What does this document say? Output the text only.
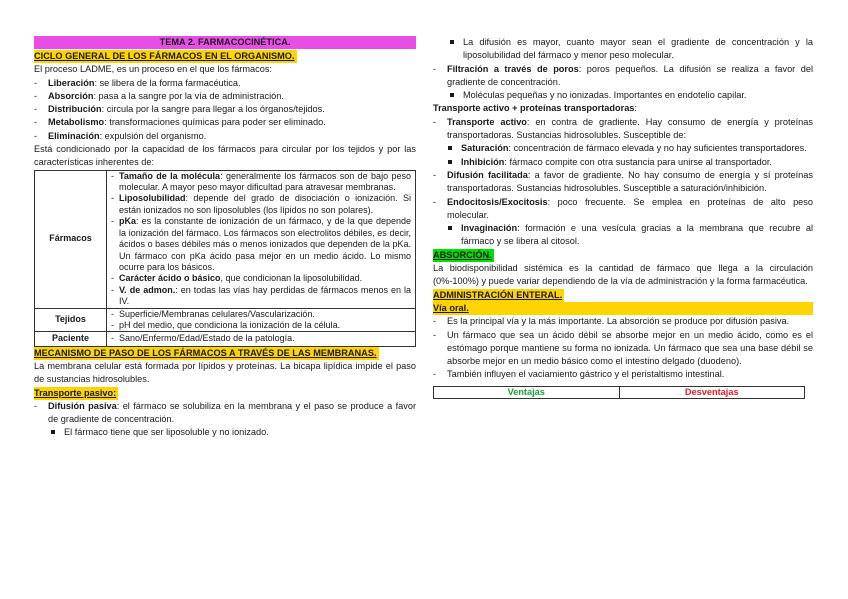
TEMA 2. FARMACOCINÉTICA.
CICLO GENERAL DE LOS FÁRMACOS EN EL ORGANISMO.
El proceso LADME, es un proceso en el que los fármacos:
- Liberación: se libera de la forma farmacéutica.
- Absorción: pasa a la sangre por la vía de administración.
- Distribución: circula por la sangre para llegar a los órganos/tejidos.
- Metabolismo: transformaciones químicas para poder ser eliminado.
- Eliminación: expulsión del organismo.
Está condicionado por la capacidad de los fármacos para circular por los tejidos y por las características inherentes de:
Fármacos	- Tamaño de la molécula: generalmente los fármacos son de bajo peso molecular. A mayor peso mayor dificultad para atravesar membranas.
- Liposolubilidad: depende del grado de disociación o ionización. Si están ionizados no son liposolubles (los lípidos no son polares).
- pKa: es la constante de ionización de un fármaco, y de la que depende la ionización del fármaco. Los fármacos son electrolitos débiles, es decir, ácidos o bases débiles más o menos ionizados que dependen de la pKa. Un fármaco con pKa ácido pasa mejor en un medio ácido. Lo mismo ocurre para los básicos.
- Carácter ácido o básico, que condicionan la liposolubilidad.
- V. de admon.: en todas las vías hay perdidas de fármacos menos en la IV.

Tejidos	- Superficie/Membranas celulares/Vascularización.
- pH del medio, que condiciona la ionización de la célula.

Paciente	- Sano/Enfermo/Edad/Estado de la patología.
MECANISMO DE PASO DE LOS FÁRMACOS A TRAVÉS DE LAS MEMBRANAS.
La membrana celular está formada por lípidos y proteínas. La bicapa lipídica impide el paso de sustancias hidrosolubles.
Transporte pasivo:
- Difusión pasiva: el fármaco se solubiliza en la membrana y el paso se produce a favor de gradiente de concentración.
El fármaco tiene que ser liposoluble y no ionizado.
La difusión es mayor, cuanto mayor sean el gradiente de concentración y la liposolubilidad del fármaco y menor peso molecular.
- Filtración a través de poros: poros pequeños. La difusión se realiza a favor del gradiente de concentración.
Moléculas pequeñas y no ionizadas. Importantes en endotelio capilar.
Transporte activo + proteínas transportadoras:
- Transporte activo: en contra de gradiente. Hay consumo de energía y proteínas transportadoras. Sustancias hidrosolubles. Susceptible de:
Saturación: concentración de fármaco elevada y no hay suficientes transportadores.
Inhibición: fármaco compite con otra sustancia para unirse al transportador.
- Difusión facilitada: a favor de gradiente. No hay consumo de energía y sí proteínas transportadoras. Sustancias hidrosolubles. Susceptible a saturación/inhibición.
- Endocitosis/Exocitosis: poco frecuente. Se emplea en proteínas de alto peso molecular.
Invaginación: formación e una vesícula gracias a la membrana que recubre al fármaco y se libera al citosol.
ABSORCIÓN.
La biodisponibilidad sistémica es la cantidad de fármaco que llega a la circulación (0%-100%) y puede variar dependiendo de la vía de administración y la forma farmacéutica.
ADMINISTRACIÓN ENTERAL.
Vía oral.
- Es la principal vía y la más importante. La absorción se produce por difusión pasiva.
- Un fármaco que sea un ácido débil se absorbe mejor en un medio ácido, como es el estómago porque mantiene su forma no ionizada. Un fármaco que sea una base débil se absorbe mejor en un medio básico como el intestino delgado (duodeno).
- También influyen el vaciamiento gástrico y el peristaltismo intestinal.
Ventajas	Desventajas
